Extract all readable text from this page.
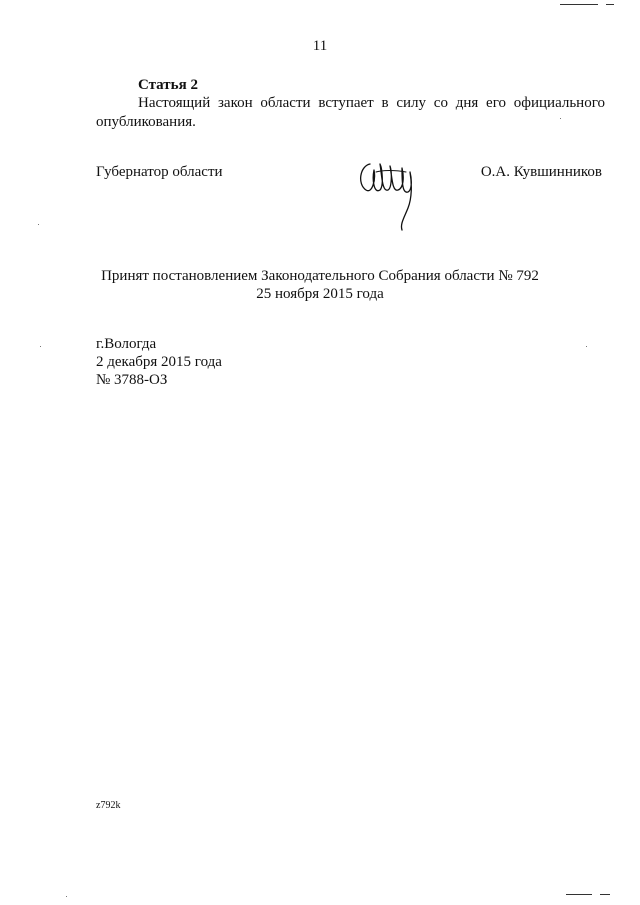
11
Статья 2
Настоящий закон области вступает в силу со дня его официального
опубликования.
Губернатор области	О.А. Кувшинников
Принят постановлением Законодательного Собрания области № 792
25 ноября 2015 года
г.Вологда
2 декабря 2015 года
№ 3788-ОЗ
z792k
